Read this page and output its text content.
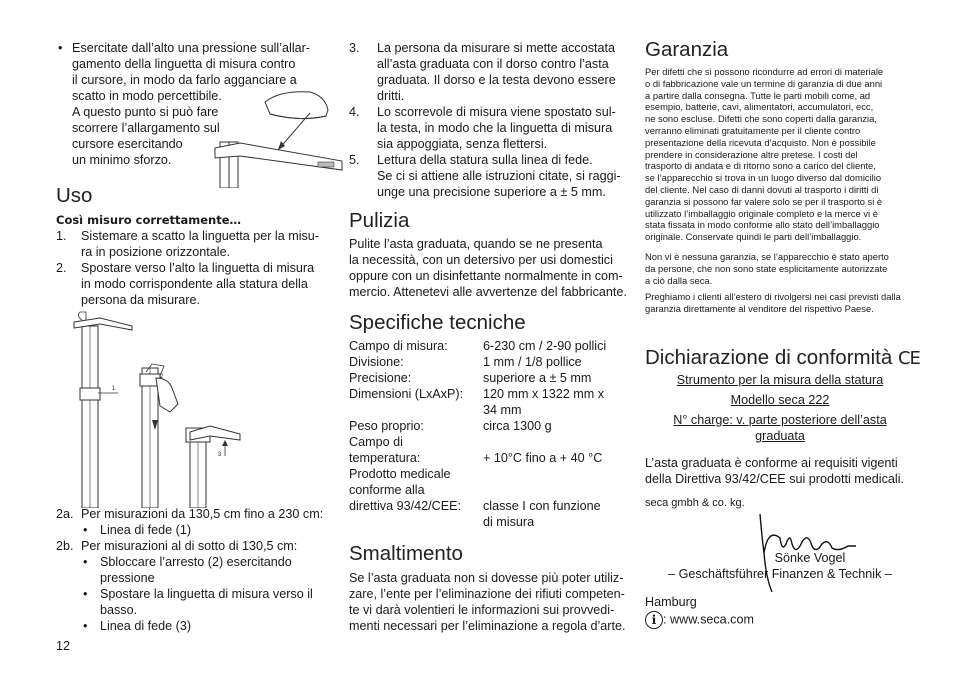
• Esercitate dall’alto una pressione sull’allar-
gamento della linguetta di misura contro
il cursore, in modo da farlo agganciare a
scatto in modo percettibile.
A questo punto si può fare
scorrere l’allargamento sul
cursore esercitando
un minimo sforzo.
Uso
Così misuro correttamente…
1. Sistemare a scatto la linguetta per la misu-
ra in posizione orizzontale.
2. Spostare verso l’alto la linguetta di misura
in modo corrispondente alla statura della
persona da misurare.
1
2
3
2a. Per misurazioni da 130,5 cm fino a 230 cm:
• Linea di fede (1)
2b. Per misurazioni al di sotto di 130,5 cm:
• Sbloccare l’arresto (2) esercitando
pressione
• Spostare la linguetta di misura verso il
basso.
• Linea di fede (3)
12
3. La persona da misurare si mette accostata
all’asta graduata con il dorso contro l’asta
graduata. Il dorso e la testa devono essere
dritti.
4. Lo scorrevole di misura viene spostato sul-
la testa, in modo che la linguetta di misura
sia appoggiata, senza flettersi.
5. Lettura della statura sulla linea di fede.
Se ci si attiene alle istruzioni citate, si raggi-
unge una precisione superiore a ± 5 mm.
Pulizia
Pulite l’asta graduata, quando se ne presenta
la necessità, con un detersivo per usi domestici
oppure con un disinfettante normalmente in com-
mercio. Attenetevi alle avvertenze del fabbricante.
Specifiche tecniche
Campo di misura:	6-230 cm / 2-90 pollici
Divisione:	1 mm / 1/8 pollice
Precisione:	superiore a ± 5 mm
Dimensioni (LxAxP): 120 mm x 1322 mm x
34 mm
Peso proprio:	circa 1300 g
Campo di
temperatura:	+ 10°C fino a + 40 °C
Prodotto medicale
conforme alla
direttiva 93/42/CEE:	classe I con funzione
di misura
Smaltimento
Se l’asta graduata non si dovesse più poter utiliz-
zare, l’ente per l’eliminazione dei rifiuti competen-
te vi darà volentieri le informazioni sui provvedi-
menti necessari per l’eliminazione a regola d’arte.
Garanzia
Per difetti che si possono ricondurre ad errori di materiale
o di fabbricazione vale un termine di garanzia di due anni
a partire dalla consegna. Tutte le parti mobili come, ad
esempio, batterie, cavi, alimentatori, accumulatori, ecc,
ne sono escluse. Difetti che sono coperti dalla garanzia,
verranno eliminati gratuitamente per il cliente contro
presentazione della ricevuta d’acquisto. Non è possibile
prendere in considerazione altre pretese. I costi del
trasporto di andata e di ritorno sono a carico del cliente,
se l’apparecchio si trova in un luogo diverso dal domicilio
del cliente. Nel caso di danni dovuti al trasporto i diritti di
garanzia si possono far valere solo se per il trasporto si è
utilizzato l’imballaggio originale completo e la merce vi è
stata fissata in modo conforme allo stato dell’imballaggio
originale. Conservate quindi le parti dell’imballaggio.
Non vi è nessuna garanzia, se l’apparecchio è stato aperto
da persone, che non sono state esplicitamente autorizzate
a ciò dalla seca.
Preghiamo i clienti all’estero di rivolgersi nei casi previsti dalla
garanzia direttamente al venditore del rispettivo Paese.
Dichiarazione di conformità CE
Strumento per la misura della statura
Modello seca 222
N° charge: v. parte posteriore dell’asta
graduata
L’asta graduata è conforme ai requisiti vigenti
della Direttiva 93/42/CEE sui prodotti medicali.
seca gmbh & co. kg.
Sönke Vogel
– Geschäftsführer Finanzen & Technik –
Hamburg
i : www.seca.com
